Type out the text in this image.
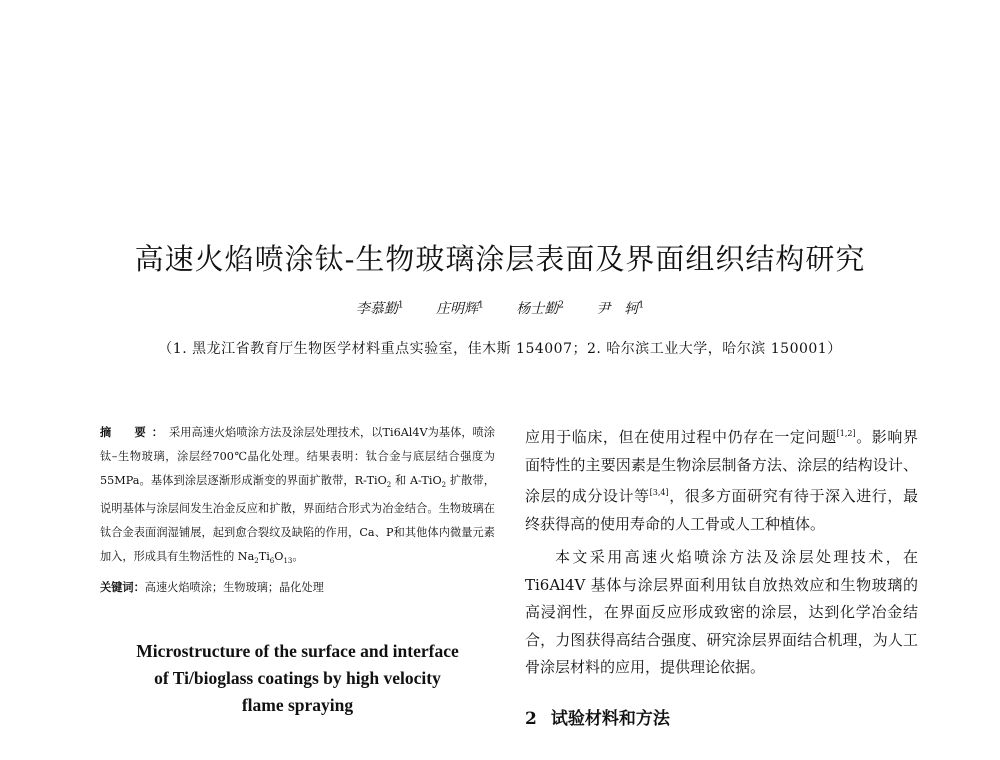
高速火焰喷涂钛-生物玻璃涂层表面及界面组织结构研究
李慕勤$^1$ 庄明辉$^1$ 杨士勤$^2$ 尹　轲$^1$
（1. 黑龙江省教育厅生物医学材料重点实验室，佳木斯 154007；2. 哈尔滨工业大学，哈尔滨 150001）
摘　要：采用高速火焰喷涂方法及涂层处理技术，以Ti6Al4V为基体，喷涂钛–生物玻璃，涂层经700℃晶化处理。结果表明：钛合金与底层结合强度为55MPa。基体到涂层逐渐形成渐变的界面扩散带，R-TiO$_2$ 和 A-TiO$_2$ 扩散带，说明基体与涂层间发生冶金反应和扩散，界面结合形式为冶金结合。生物玻璃在钛合金表面润湿铺展，起到愈合裂纹及缺陷的作用，Ca、P和其他体内微量元素加入，形成具有生物活性的 $Na_2Ti_6O_{13}$。
关键词：高速火焰喷涂；生物玻璃；晶化处理
Microstructure of the surface and interface
of Ti/bioglass coatings by high velocity
flame spraying

应用于临床，但在使用过程中仍存在一定问题[1,2]。影响界面特性的主要因素是生物涂层制备方法、涂层的结构设计、涂层的成分设计等[3,4]，很多方面研究有待于深入进行，最终获得高的使用寿命的人工骨或人工种植体。

本文采用高速火焰喷涂方法及涂层处理技术，在 Ti6Al4V 基体与涂层界面利用钛自放热效应和生物玻璃的高浸润性，在界面反应形成致密的涂层，达到化学冶金结合，力图获得高结合强度、研究涂层界面结合机理，为人工骨涂层材料的应用，提供理论依据。

2 试验材料和方法
